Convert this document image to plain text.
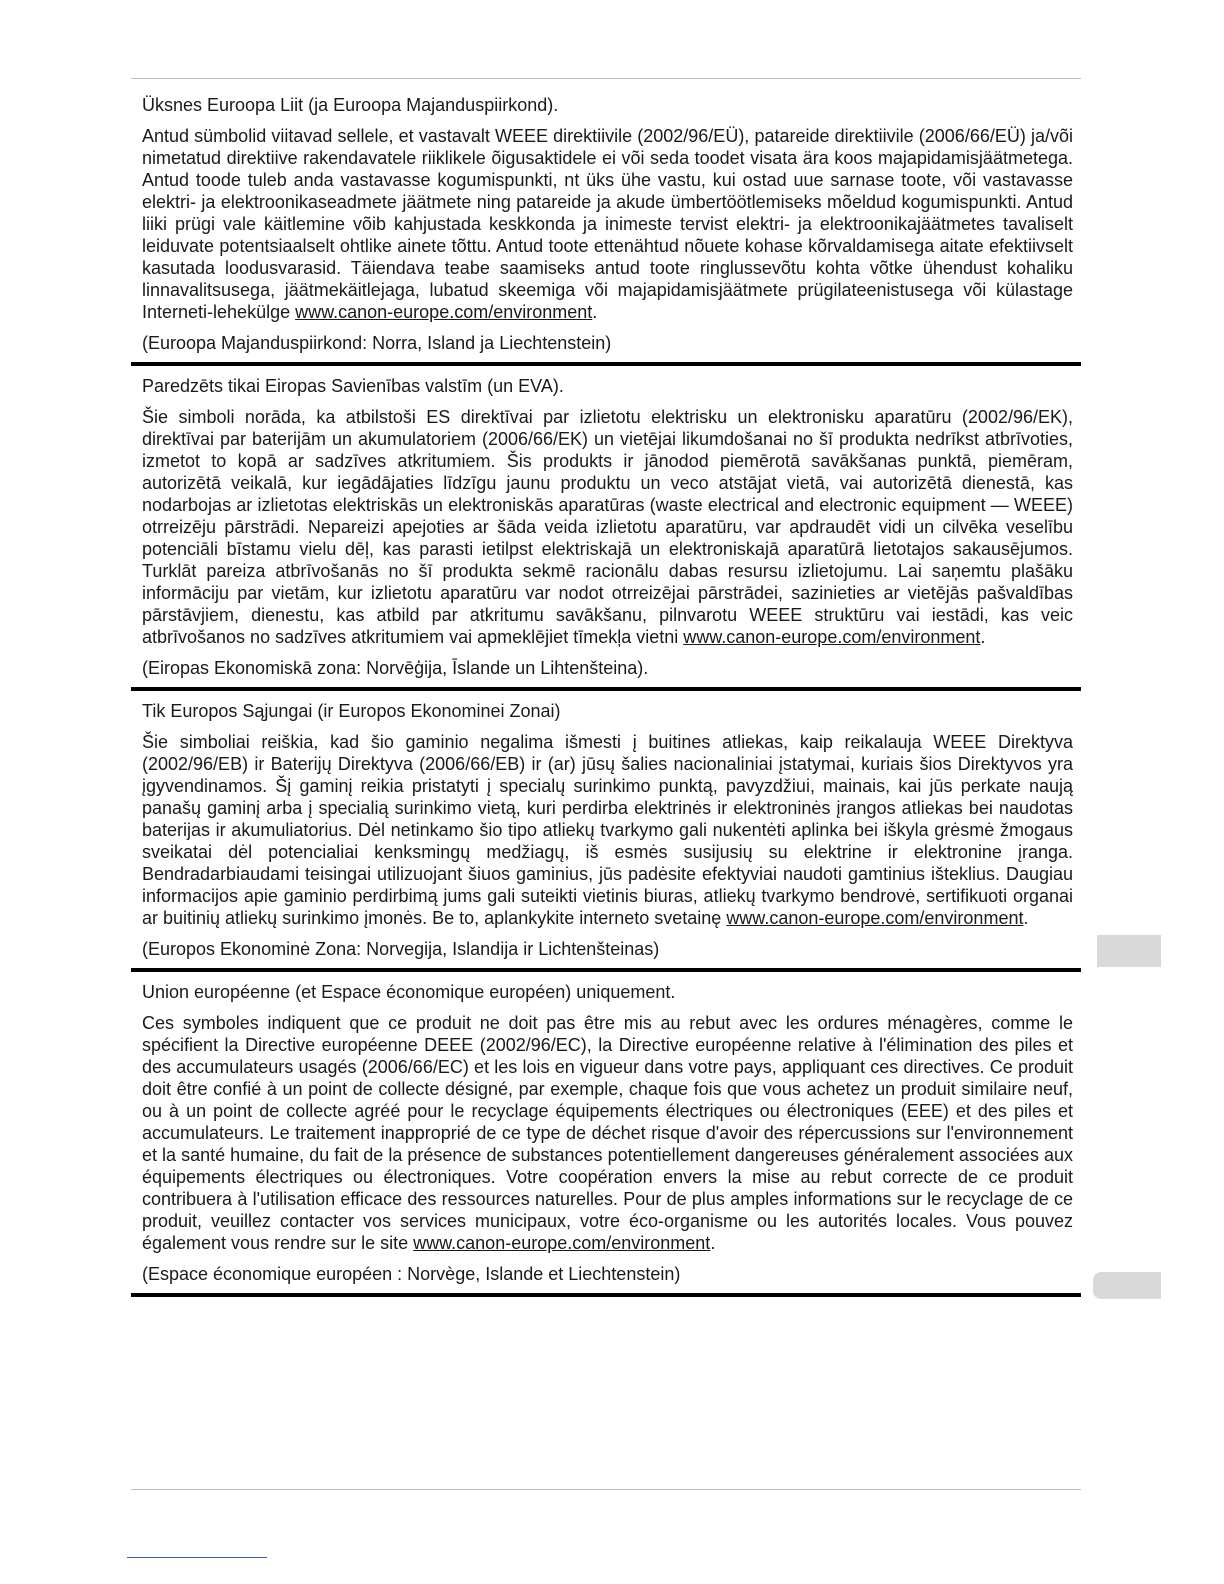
Üksnes Euroopa Liit (ja Euroopa Majanduspiirkond).

Antud sümbolid viitavad sellele, et vastavalt WEEE direktiivile (2002/96/EÜ), patareide direktiivile (2006/66/EÜ) ja/või nimetatud direktiive rakendavatele riiklikele õigusaktidele ei või seda toodet visata ära koos majapidamisjäätmetega. Antud toode tuleb anda vastavasse kogumispunkti, nt üks ühe vastu, kui ostad uue sarnase toote, või vastavasse elektri- ja elektroonikaseadmete jäätmete ning patareide ja akude ümbertöötlemiseks mõeldud kogumispunkti. Antud liiki prügi vale käitlemine võib kahjustada keskkonda ja inimeste tervist elektri- ja elektroonikajäätmetes tavaliselt leiduvate potentsiaalselt ohtlike ainete tõttu. Antud toote ettenähtud nõuete kohase kõrvaldamisega aitate efektiivselt kasutada loodusvarasid. Täiendava teabe saamiseks antud toote ringlussevõtu kohta võtke ühendust kohaliku linnavalitsusega, jäätmekäitlejaga, lubatud skeemiga või majapidamisjäätmete prügilateenistusega või külastage Interneti-lehekülge www.canon-europe.com/environment.

(Euroopa Majanduspiirkond: Norra, Island ja Liechtenstein)

Paredzēts tikai Eiropas Savienības valstīm (un EVA).

Šie simboli norāda, ka atbilstoši ES direktīvai par izlietotu elektrisku un elektronisku aparatūru (2002/96/EK), direktīvai par baterijām un akumulatoriem (2006/66/EK) un vietējai likumdošanai no šī produkta nedrīkst atbrīvoties, izmetot to kopā ar sadzīves atkritumiem. Šis produkts ir jānodod piemērotā savākšanas punktā, piemēram, autorizētā veikalā, kur iegādājaties līdzīgu jaunu produktu un veco atstājat vietā, vai autorizētā dienestā, kas nodarbojas ar izlietotas elektriskās un elektroniskās aparatūras (waste electrical and electronic equipment — WEEE) otrreizēju pārstrādi. Nepareizi apejoties ar šāda veida izlietotu aparatūru, var apdraudēt vidi un cilvēka veselību potenciāli bīstamu vielu dēļ, kas parasti ietilpst elektriskajā un elektroniskajā aparatūrā lietotajos sakausējumos. Turklāt pareiza atbrīvošanās no šī produkta sekmē racionālu dabas resursu izlietojumu. Lai saņemtu plašāku informāciju par vietām, kur izlietotu aparatūru var nodot otrreizējai pārstrādei, sazinieties ar vietējās pašvaldības pārstāvjiem, dienestu, kas atbild par atkritumu savākšanu, pilnvarotu WEEE struktūru vai iestādi, kas veic atbrīvošanos no sadzīves atkritumiem vai apmeklējiet tīmekļa vietni www.canon-europe.com/environment.

(Eiropas Ekonomiskā zona: Norvēģija, Īslande un Lihtenšteina).

Tik Europos Sąjungai (ir Europos Ekonominei Zonai)

Šie simboliai reiškia, kad šio gaminio negalima išmesti į buitines atliekas, kaip reikalauja WEEE Direktyva (2002/96/EB) ir Baterijų Direktyva (2006/66/EB) ir (ar) jūsų šalies nacionaliniai įstatymai, kuriais šios Direktyvos yra įgyvendinamos. Šį gaminį reikia pristatyti į specialų surinkimo punktą, pavyzdžiui, mainais, kai jūs perkate naują panašų gaminį arba į specialią surinkimo vietą, kuri perdirba elektrinės ir elektroninės įrangos atliekas bei naudotas baterijas ir akumuliatorius. Dėl netinkamo šio tipo atliekų tvarkymo gali nukentėti aplinka bei iškyla grėsmė žmogaus sveikatai dėl potencialiai kenksmingų medžiagų, iš esmės susijusių su elektrine ir elektronine įranga. Bendradarbiaudami teisingai utilizuojant šiuos gaminius, jūs padėsite efektyviai naudoti gamtinius išteklius. Daugiau informacijos apie gaminio perdirbimą jums gali suteikti vietinis biuras, atliekų tvarkymo bendrovė, sertifikuoti organai ar buitinių atliekų surinkimo įmonės. Be to, aplankykite interneto svetainę www.canon-europe.com/environment.

(Europos Ekonominė Zona: Norvegija, Islandija ir Lichtenšteinas)

Union européenne (et Espace économique européen) uniquement.

Ces symboles indiquent que ce produit ne doit pas être mis au rebut avec les ordures ménagères, comme le spécifient la Directive européenne DEEE (2002/96/EC), la Directive européenne relative à l'élimination des piles et des accumulateurs usagés (2006/66/EC) et les lois en vigueur dans votre pays, appliquant ces directives. Ce produit doit être confié à un point de collecte désigné, par exemple, chaque fois que vous achetez un produit similaire neuf, ou à un point de collecte agréé pour le recyclage équipements électriques ou électroniques (EEE) et des piles et accumulateurs. Le traitement inapproprié de ce type de déchet risque d'avoir des répercussions sur l'environnement et la santé humaine, du fait de la présence de substances potentiellement dangereuses généralement associées aux équipements électriques ou électroniques. Votre coopération envers la mise au rebut correcte de ce produit contribuera à l'utilisation efficace des ressources naturelles. Pour de plus amples informations sur le recyclage de ce produit, veuillez contacter vos services municipaux, votre éco-organisme ou les autorités locales. Vous pouvez également vous rendre sur le site www.canon-europe.com/environment.

(Espace économique européen : Norvège, Islande et Liechtenstein)
